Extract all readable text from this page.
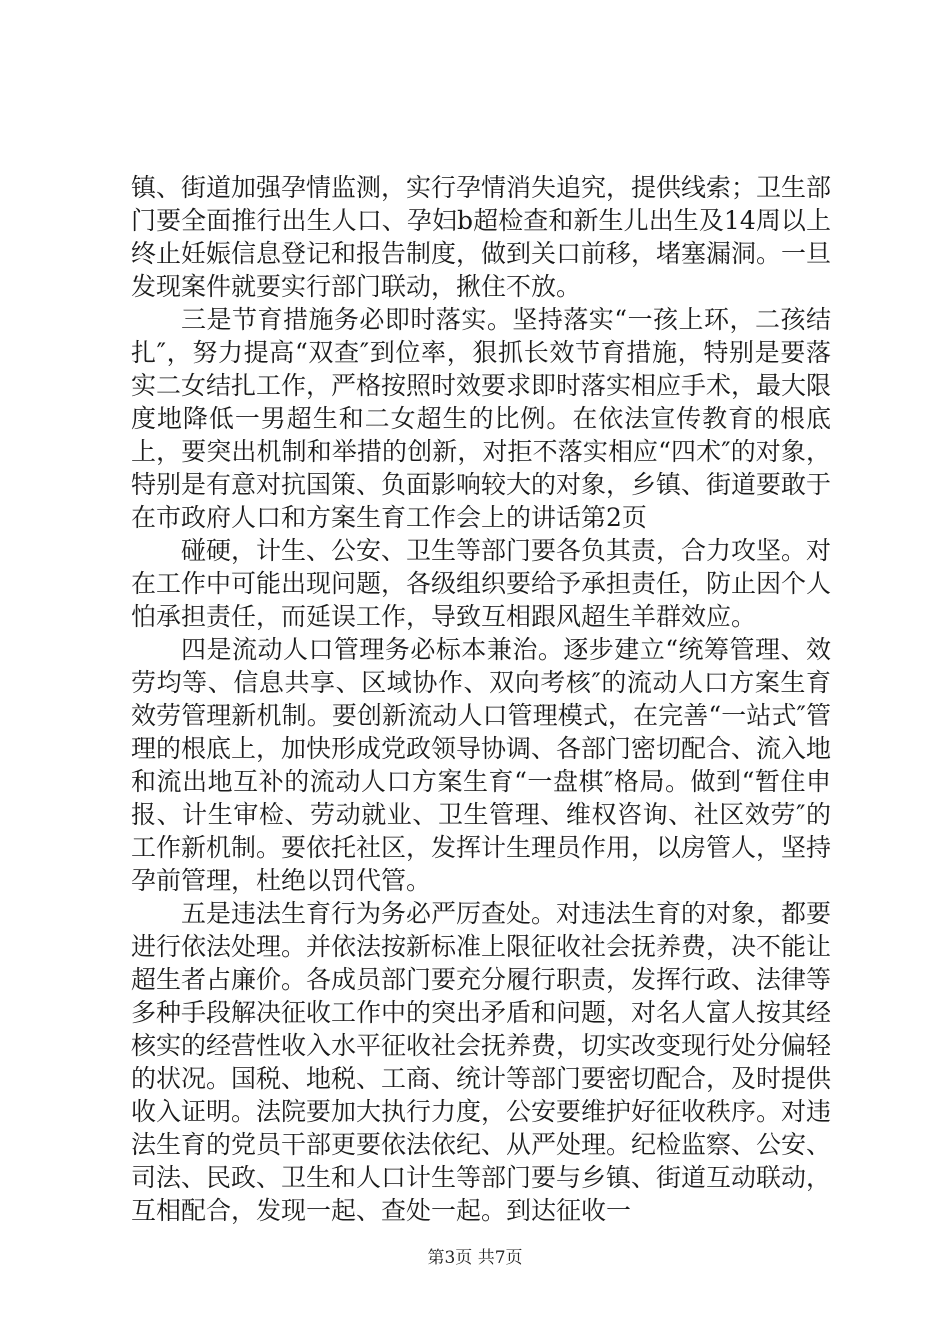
镇、街道加强孕情监测，实行孕情消失追究，提供线索；卫生部门要全面推行出生人口、孕妇b超检查和新生儿出生及14周以上终止妊娠信息登记和报告制度，做到关口前移，堵塞漏洞。一旦发现案件就要实行部门联动，揪住不放。

三是节育措施务必即时落实。坚持落实“一孩上环，二孩结扎″，努力提高“双查″到位率，狠抓长效节育措施，特别是要落实二女结扎工作，严格按照时效要求即时落实相应手术，最大限度地降低一男超生和二女超生的比例。在依法宣传教育的根底上，要突出机制和举措的创新，对拒不落实相应“四术″的对象，特别是有意对抗国策、负面影响较大的对象，乡镇、街道要敢于在市政府人口和方案生育工作会上的讲话第2页

碰硬，计生、公安、卫生等部门要各负其责，合力攻坚。对在工作中可能出现问题，各级组织要给予承担责任，防止因个人怕承担责任，而延误工作，导致互相跟风超生羊群效应。

四是流动人口管理务必标本兼治。逐步建立“统筹管理、效劳均等、信息共享、区域协作、双向考核″的流动人口方案生育效劳管理新机制。要创新流动人口管理模式，在完善“一站式″管理的根底上，加快形成党政领导协调、各部门密切配合、流入地和流出地互补的流动人口方案生育“一盘棋″格局。做到“暂住申报、计生审检、劳动就业、卫生管理、维权咨询、社区效劳″的工作新机制。要依托社区，发挥计生理员作用，以房管人，坚持孕前管理，杜绝以罚代管。

五是违法生育行为务必严厉查处。对违法生育的对象，都要进行依法处理。并依法按新标准上限征收社会抚养费，决不能让超生者占廉价。各成员部门要充分履行职责，发挥行政、法律等多种手段解决征收工作中的突出矛盾和问题，对名人富人按其经核实的经营性收入水平征收社会抚养费，切实改变现行处分偏轻的状况。国税、地税、工商、统计等部门要密切配合，及时提供收入证明。法院要加大执行力度，公安要维护好征收秩序。对违法生育的党员干部更要依法依纪、从严处理。纪检监察、公安、司法、民政、卫生和人口计生等部门要与乡镇、街道互动联动，互相配合，发现一起、查处一起。到达征收一

第3页 共7页
